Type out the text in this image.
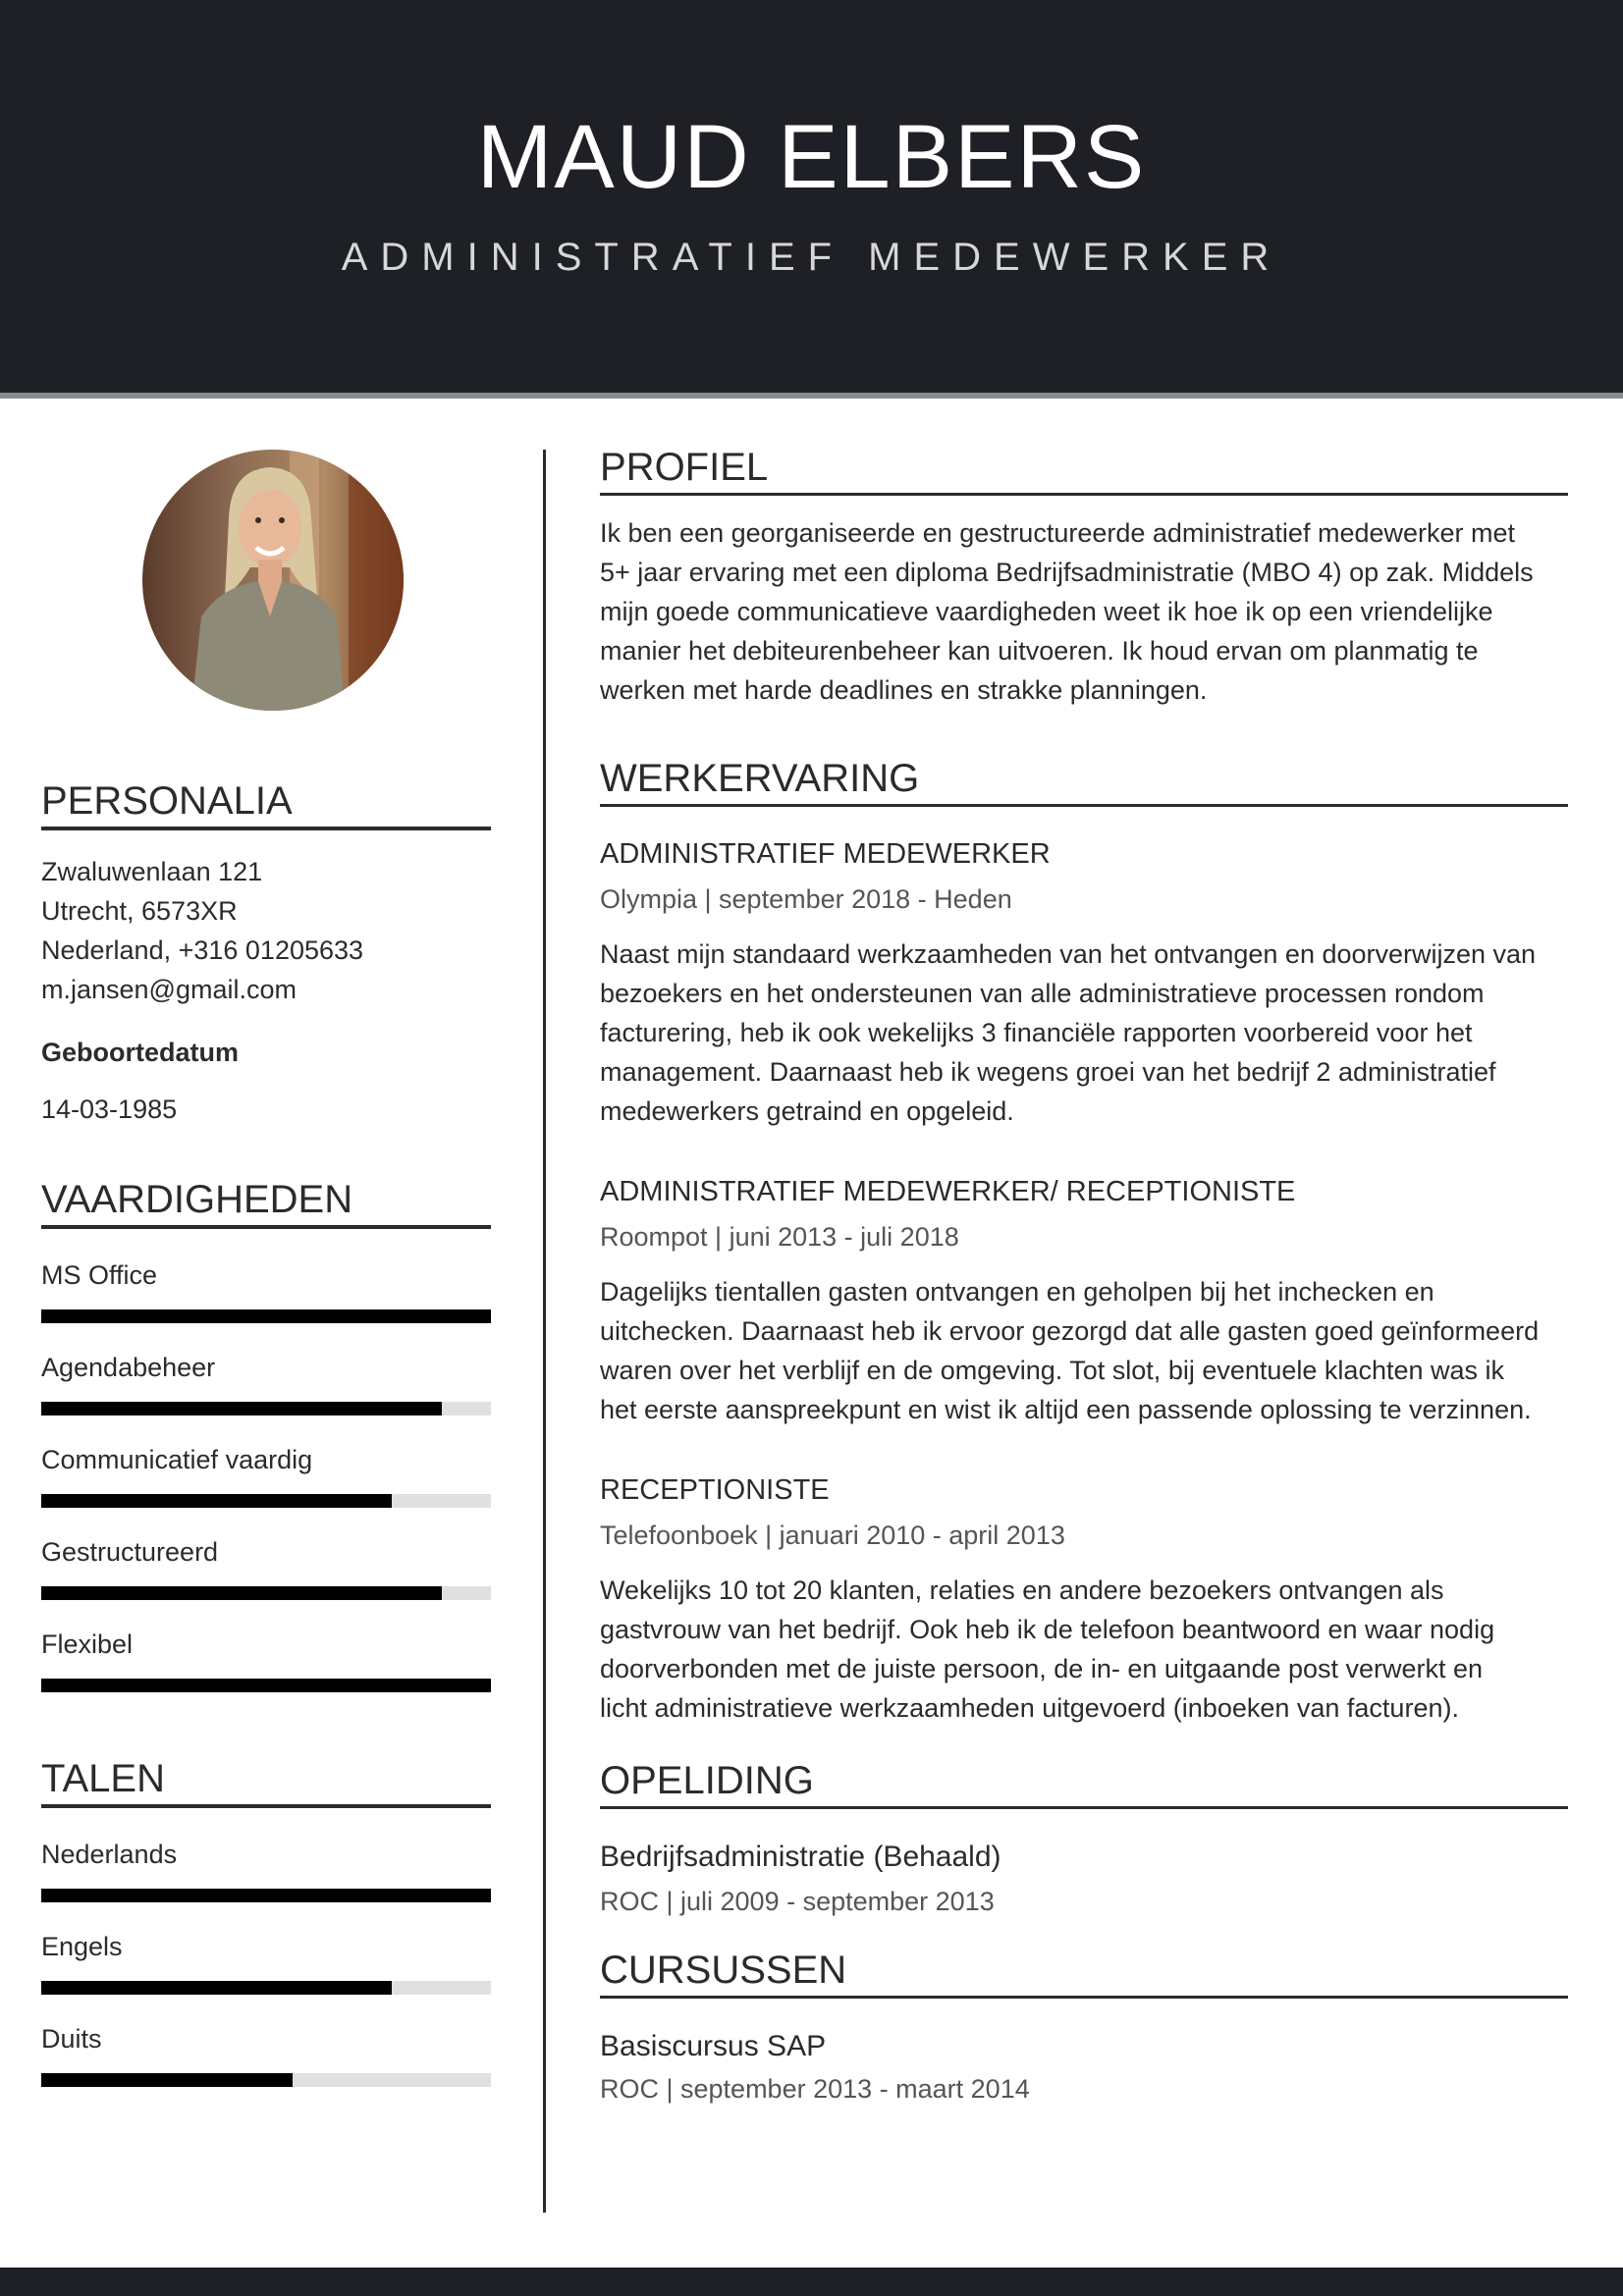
MAUD ELBERS
ADMINISTRATIEF MEDEWERKER
PERSONALIA
Zwaluwenlaan 121
Utrecht, 6573XR
Nederland, +316 01205633
m.jansen@gmail.com
Geboortedatum
14-03-1985
VAARDIGHEDEN
MS Office
Agendabeheer
Communicatief vaardig
Gestructureerd
Flexibel
TALEN
Nederlands
Engels
Duits
PROFIEL
Ik ben een georganiseerde en gestructureerde administratief medewerker met
5+ jaar ervaring met een diploma Bedrijfsadministratie (MBO 4) op zak. Middels
mijn goede communicatieve vaardigheden weet ik hoe ik op een vriendelijke
manier het debiteurenbeheer kan uitvoeren. Ik houd ervan om planmatig te
werken met harde deadlines en strakke planningen.
WERKERVARING
ADMINISTRATIEF MEDEWERKER
Olympia | september 2018 - Heden
Naast mijn standaard werkzaamheden van het ontvangen en doorverwijzen van
bezoekers en het ondersteunen van alle administratieve processen rondom
facturering, heb ik ook wekelijks 3 financiële rapporten voorbereid voor het
management. Daarnaast heb ik wegens groei van het bedrijf 2 administratief
medewerkers getraind en opgeleid.
ADMINISTRATIEF MEDEWERKER/ RECEPTIONISTE
Roompot | juni 2013 - juli 2018
Dagelijks tientallen gasten ontvangen en geholpen bij het inchecken en
uitchecken. Daarnaast heb ik ervoor gezorgd dat alle gasten goed geïnformeerd
waren over het verblijf en de omgeving. Tot slot, bij eventuele klachten was ik
het eerste aanspreekpunt en wist ik altijd een passende oplossing te verzinnen.
RECEPTIONISTE
Telefoonboek | januari 2010 - april 2013
Wekelijks 10 tot 20 klanten, relaties en andere bezoekers ontvangen als
gastvrouw van het bedrijf. Ook heb ik de telefoon beantwoord en waar nodig
doorverbonden met de juiste persoon, de in- en uitgaande post verwerkt en
licht administratieve werkzaamheden uitgevoerd (inboeken van facturen).
OPELIDING
Bedrijfsadministratie (Behaald)
ROC | juli 2009 - september 2013
CURSUSSEN
Basiscursus SAP
ROC | september 2013 - maart 2014
